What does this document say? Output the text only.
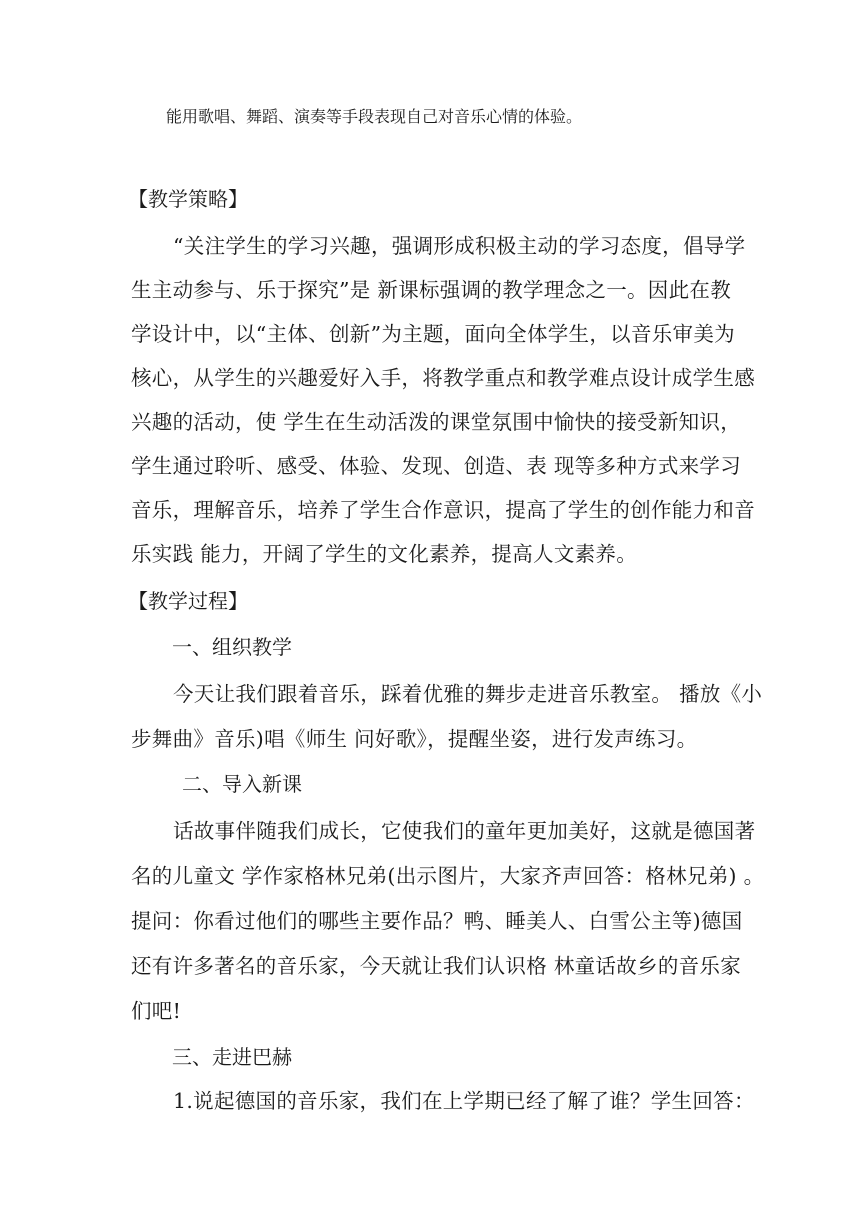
能用歌唱、舞蹈、演奏等手段表现自己对音乐心情的体验。
【教学策略】
“关注学生的学习兴趣，强调形成积极主动的学习态度，倡导学
生主动参与、乐于探究”是 新课标强调的教学理念之一。因此在教
学设计中，以“主体、创新”为主题，面向全体学生，以音乐审美为
核心，从学生的兴趣爱好入手，将教学重点和教学难点设计成学生感
兴趣的活动，使 学生在生动活泼的课堂氛围中愉快的接受新知识，
学生通过聆听、感受、体验、发现、创造、表 现等多种方式来学习
音乐，理解音乐，培养了学生合作意识，提高了学生的创作能力和音
乐实践 能力，开阔了学生的文化素养，提高人文素养。
【教学过程】
一、组织教学
今天让我们跟着音乐，踩着优雅的舞步走进音乐教室。 播放《小
步舞曲》音乐)唱《师生 问好歌》，提醒坐姿，进行发声练习。
二、导入新课
话故事伴随我们成长，它使我们的童年更加美好，这就是德国著
名的儿童文 学作家格林兄弟(出示图片，大家齐声回答：格林兄弟) 。
提问：你看过他们的哪些主要作品？鸭、睡美人、白雪公主等)德国
还有许多著名的音乐家，今天就让我们认识格 林童话故乡的音乐家
们吧!
三、走进巴赫
1.说起德国的音乐家，我们在上学期已经了解了谁？学生回答：
